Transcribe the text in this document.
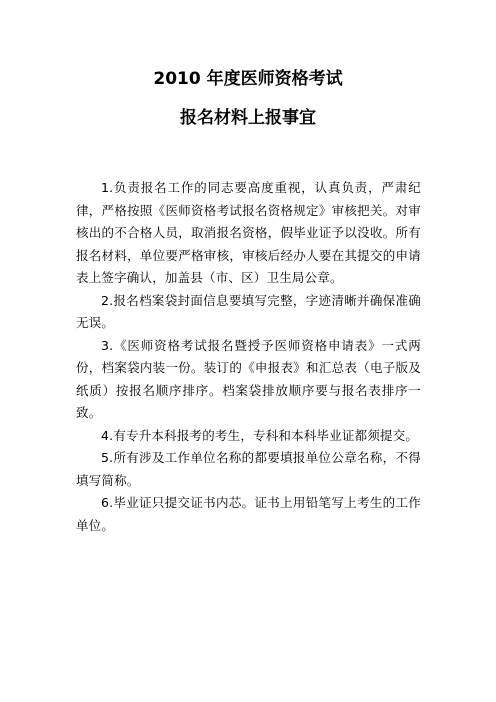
2010 年度医师资格考试
报名材料上报事宜

1.负责报名工作的同志要高度重视，认真负责，严肃纪律，严格按照《医师资格考试报名资格规定》审核把关。对审核出的不合格人员，取消报名资格，假毕业证予以没收。所有报名材料，单位要严格审核，审核后经办人要在其提交的申请表上签字确认，加盖县（市、区）卫生局公章。

2.报名档案袋封面信息要填写完整，字迹清晰并确保准确无误。

3.《医师资格考试报名暨授予医师资格申请表》一式两份，档案袋内装一份。装订的《申报表》和汇总表（电子版及纸质）按报名顺序排序。档案袋排放顺序要与报名表排序一致。

4.有专升本科报考的考生，专科和本科毕业证都须提交。

5.所有涉及工作单位名称的都要填报单位公章名称，不得填写简称。

6.毕业证只提交证书内芯。证书上用铅笔写上考生的工作单位。
